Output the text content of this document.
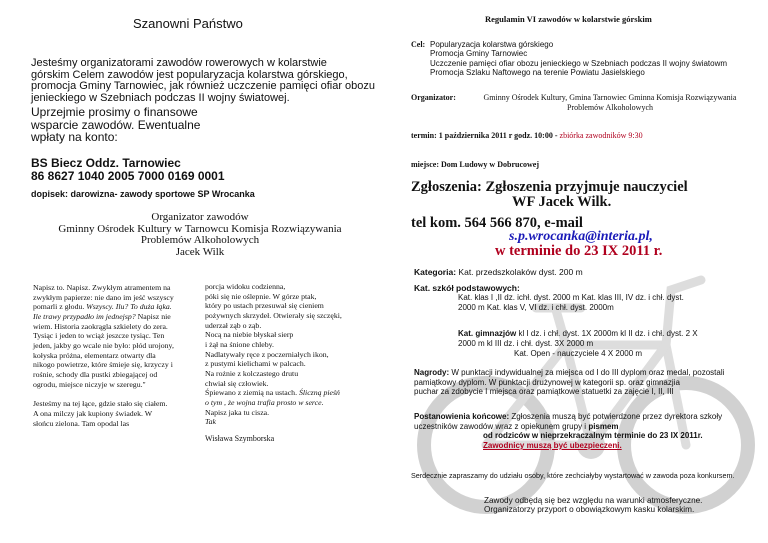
Szanowni Państwo
Jesteśmy organizatorami zawodów rowerowych w kolarstwie
górskim Celem zawodów jest popularyzacja kolarstwa górskiego,
promocja Gminy Tarnowiec, jak również uczczenie pamięci ofiar obozu
jenieckiego w Szebniach podczas II wojny światowej.
Uprzejmie prosimy o finansowe
wsparcie zawodów. Ewentualne
wpłaty na konto:
BS Biecz Oddz. Tarnowiec
86 8627 1040 2005 7000 0169 0001
dopisek: darowizna- zawody sportowe SP Wrocanka
Organizator zawodów
Gminny Ośrodek Kultury w Tarnowcu Komisja Rozwiązywania
Problemów Alkoholowych
Jacek Wilk
Napisz to. Napisz. Zwykłym atramentem na
zwykłym papierze: nie dano im jeść wszyscy
pomarli z głodu. Wszyscy. Ilu? To duża łąka.
Ile trawy przypadło im jednejsp? Napisz nie
wiem. Historia zaokrągla szkielety do zera.
Tysiąc i jeden to wciąż jeszcze tysiąc. Ten
jeden, jakby go wcale nie było: płód urojony,
kołyska próżna, elementarz otwarty dla
nikogo powietrze, które śmieje się, krzyczy i
rośnie, schody dla pustki zbiegającej od
ogrodu, miejsce niczyje w szeregu."
Jesteśmy na tej łące, gdzie stało się ciałem.
A ona milczy jak kupiony świadek. W
słońcu zielona. Tam opodal las
porcja widoku codzienna,
póki się nie oślepnie. W górze ptak,
który po ustach przesuwał się cieniem
pożywnych skrzydeł. Otwierały się szczęki,
uderzał ząb o ząb.
Nocą na niebie błyskał sierp
i żął na śnione chleby.
Nadlatywały ręce z poczerniałych ikon,
z pustymi kielichami w palcach.
Na rożnie z kolczastego drutu
chwiał się człowiek.
Śpiewano z ziemią na ustach. Śliczną pieśń
o tym , że wojna trafia prosto w serce.
Napisz jaka tu cisza.
Tak
Wisława Szymborska
Regulamin VI zawodów w kolarstwie górskim
Cel: Popularyzacja kolarstwa górskiego
Promocja Gminy Tarnowiec
Uczczenie pamięci ofiar obozu jenieckiego w Szebniach podczas II wojny światowm
Promocja Szlaku Naftowego na terenie Powiatu Jasielskiego
Organizator:	Gminny Ośrodek Kultury, Gmina Tarnowiec Gminna Komisja Rozwiązywania
Problemów Alkoholowych
termin: 1 października 2011 r godz. 10:00 - zbiórka zawodników 9:30
miejsce: Dom Ludowy w Dobrucowej
Zgłoszenia: Zgłoszenia przyjmuje nauczyciel
WF Jacek Wilk.
tel kom. 564 566 870, e-mail
s.p.wrocanka@interia.pl,
w terminie do 23 IX 2011 r.
Kategoria: Kat. przedszkolaków dyst. 200 m
Kat. szkół podstawowych:
Kat. klas I ,II dz. ichł. dyst. 2000 m Kat. klas III, IV dz. i chł. dyst.
2000 m Kat. klas V, VI dz. i chł. dyst. 2000m
Kat. gimnazjów kl I dz. i chł. dyst. 1X 2000m kl II dz. i chł. dyst. 2 X
2000 m kl III dz. i chł. dyst. 3X 2000 m
Kat. Open - nauczyciele 4 X 2000 m
Nagrody: W punktacji indywidualnej za miejsca od I do III dyplom oraz medal, pozostali
pamiątkowy dyplom. W punktacji drużynowej w kategorii sp. oraz gimnazjia
puchar za zdobycie I miejsca oraz pamiątkowe statuetki za zajęcie I, II, III
Postanowienia końcowe: Zgłoszenia muszą być potwierdzone przez dyrektora szkoły
uczestników zawodów wraz z opiekunem grupy i pismem
od rodziców w nieprzekraczalnym terminie do 23 IX 2011r.
Zawodnicy muszą być ubezpieczeni.
Serdecznie zapraszamy do udziału osoby, które zechciałyby wystartować w zawoda poza konkursem.
Zawody odbędą się bez względu na warunki atmosferyczne.
Organizatorzy przyport o obowiązkowym kasku kolarskim.
